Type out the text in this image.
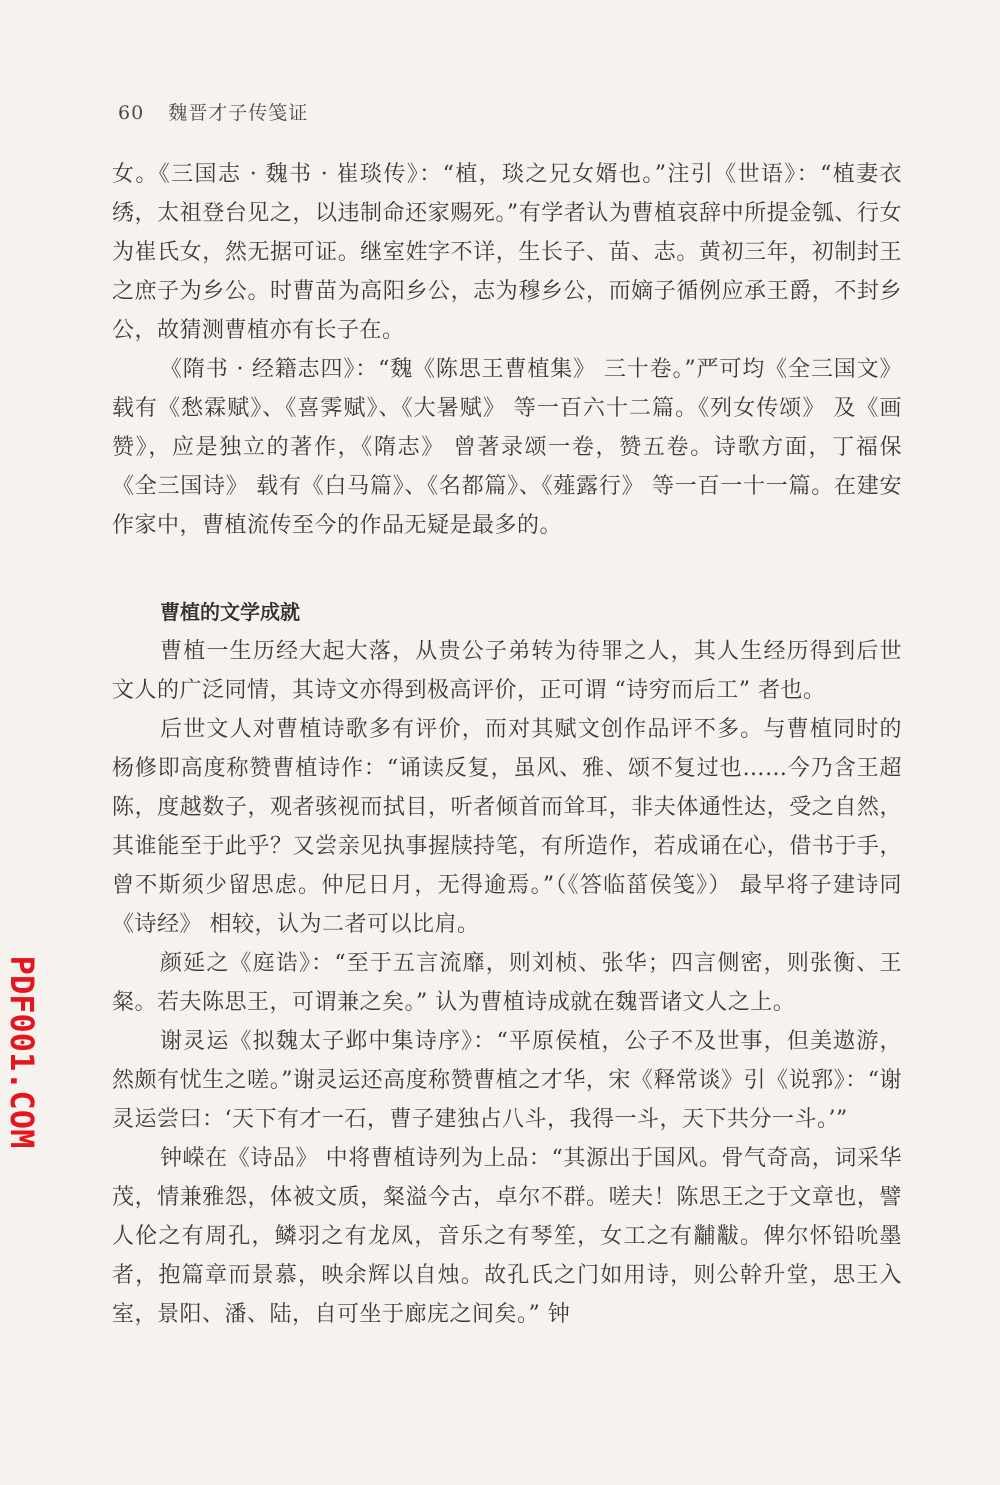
60 魏晋才子传笺证

女。《三国志 · 魏书 · 崔琰传》：“植，琰之兄女婿也。”注引《世语》：“植妻衣绣，太祖登台见之，以违制命还家赐死。”有学者认为曹植哀辞中所提金瓠、行女为崔氏女，然无据可证。继室姓字不详，生长子、苗、志。黄初三年，初制封王之庶子为乡公。时曹苗为高阳乡公，志为穆乡公，而嫡子循例应承王爵，不封乡公，故猜测曹植亦有长子在。

《隋书 · 经籍志四》：“魏《陈思王曹植集》 三十卷。”严可均《全三国文》 载有《愁霖赋》、《喜霁赋》、《大暑赋》 等一百六十二篇。《列女传颂》 及《画赞》，应是独立的著作，《隋志》 曾著录颂一卷，赞五卷。诗歌方面，丁福保《全三国诗》 载有《白马篇》、《名都篇》、《薤露行》 等一百一十一篇。在建安作家中，曹植流传至今的作品无疑是最多的。

曹植的文学成就

曹植一生历经大起大落，从贵公子弟转为待罪之人，其人生经历得到后世文人的广泛同情，其诗文亦得到极高评价，正可谓 “诗穷而后工” 者也。

后世文人对曹植诗歌多有评价，而对其赋文创作品评不多。与曹植同时的杨修即高度称赞曹植诗作：“诵读反复，虽风、雅、颂不复过也……今乃含王超陈，度越数子，观者骇视而拭目，听者倾首而耸耳，非夫体通性达，受之自然，其谁能至于此乎？又尝亲见执事握牍持笔，有所造作，若成诵在心，借书于手，曾不斯须少留思虑。仲尼日月，无得逾焉。”（《答临菑侯笺》） 最早将子建诗同《诗经》 相较，认为二者可以比肩。

颜延之《庭诰》：“至于五言流靡，则刘桢、张华；四言侧密，则张衡、王粲。若夫陈思王，可谓兼之矣。” 认为曹植诗成就在魏晋诸文人之上。

谢灵运《拟魏太子邺中集诗序》：“平原侯植，公子不及世事，但美遨游，然颇有忧生之嗟。”谢灵运还高度称赞曹植之才华，宋《释常谈》引《说郛》：“谢灵运尝曰：‘天下有才一石，曹子建独占八斗，我得一斗，天下共分一斗。’”

钟嵘在《诗品》 中将曹植诗列为上品：“其源出于国风。骨气奇高，词采华茂，情兼雅怨，体被文质，粲溢今古，卓尔不群。嗟夫！陈思王之于文章也，譬人伦之有周孔，鳞羽之有龙凤，音乐之有琴笙，女工之有黼黻。俾尔怀铅吮墨者，抱篇章而景慕，映余辉以自烛。故孔氏之门如用诗，则公幹升堂，思王入室，景阳、潘、陆，自可坐于廊庑之间矣。” 钟

PDF001.COM
